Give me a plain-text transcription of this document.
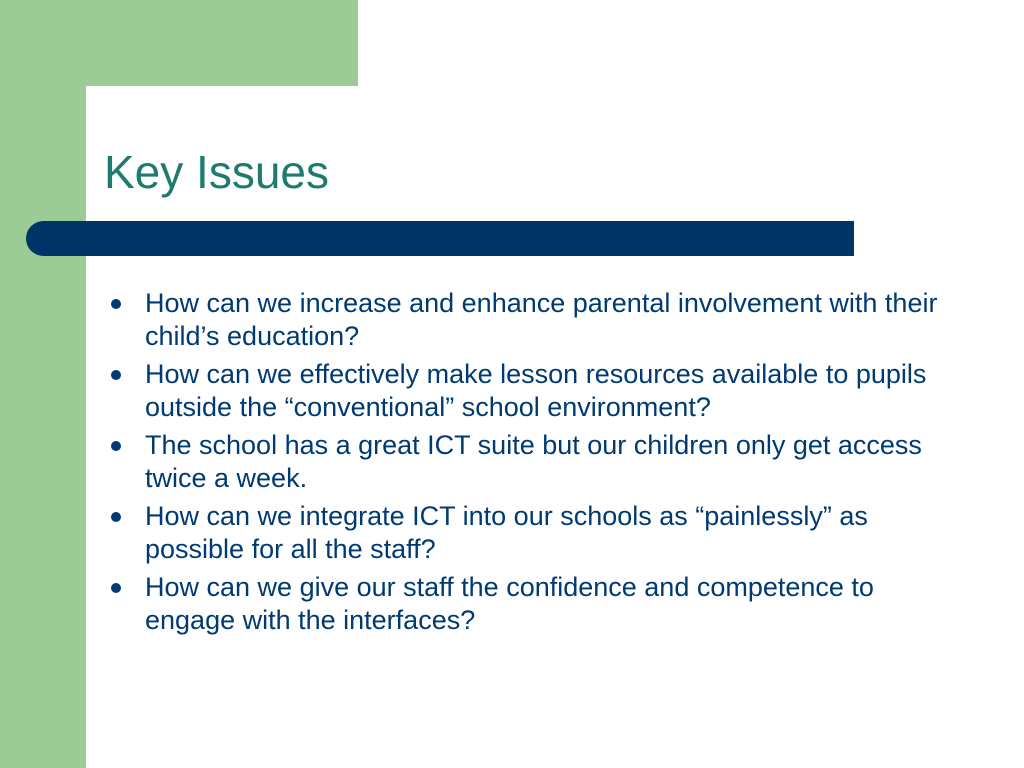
Key Issues
How can we increase and enhance parental involvement with their child’s education?
How can we effectively make lesson resources available to pupils outside the “conventional” school environment?
The school has a great ICT suite but our children only get access twice a week.
How can we integrate ICT into our schools as “painlessly” as possible for all the staff?
How can we give our staff the confidence and competence to engage with the interfaces?
